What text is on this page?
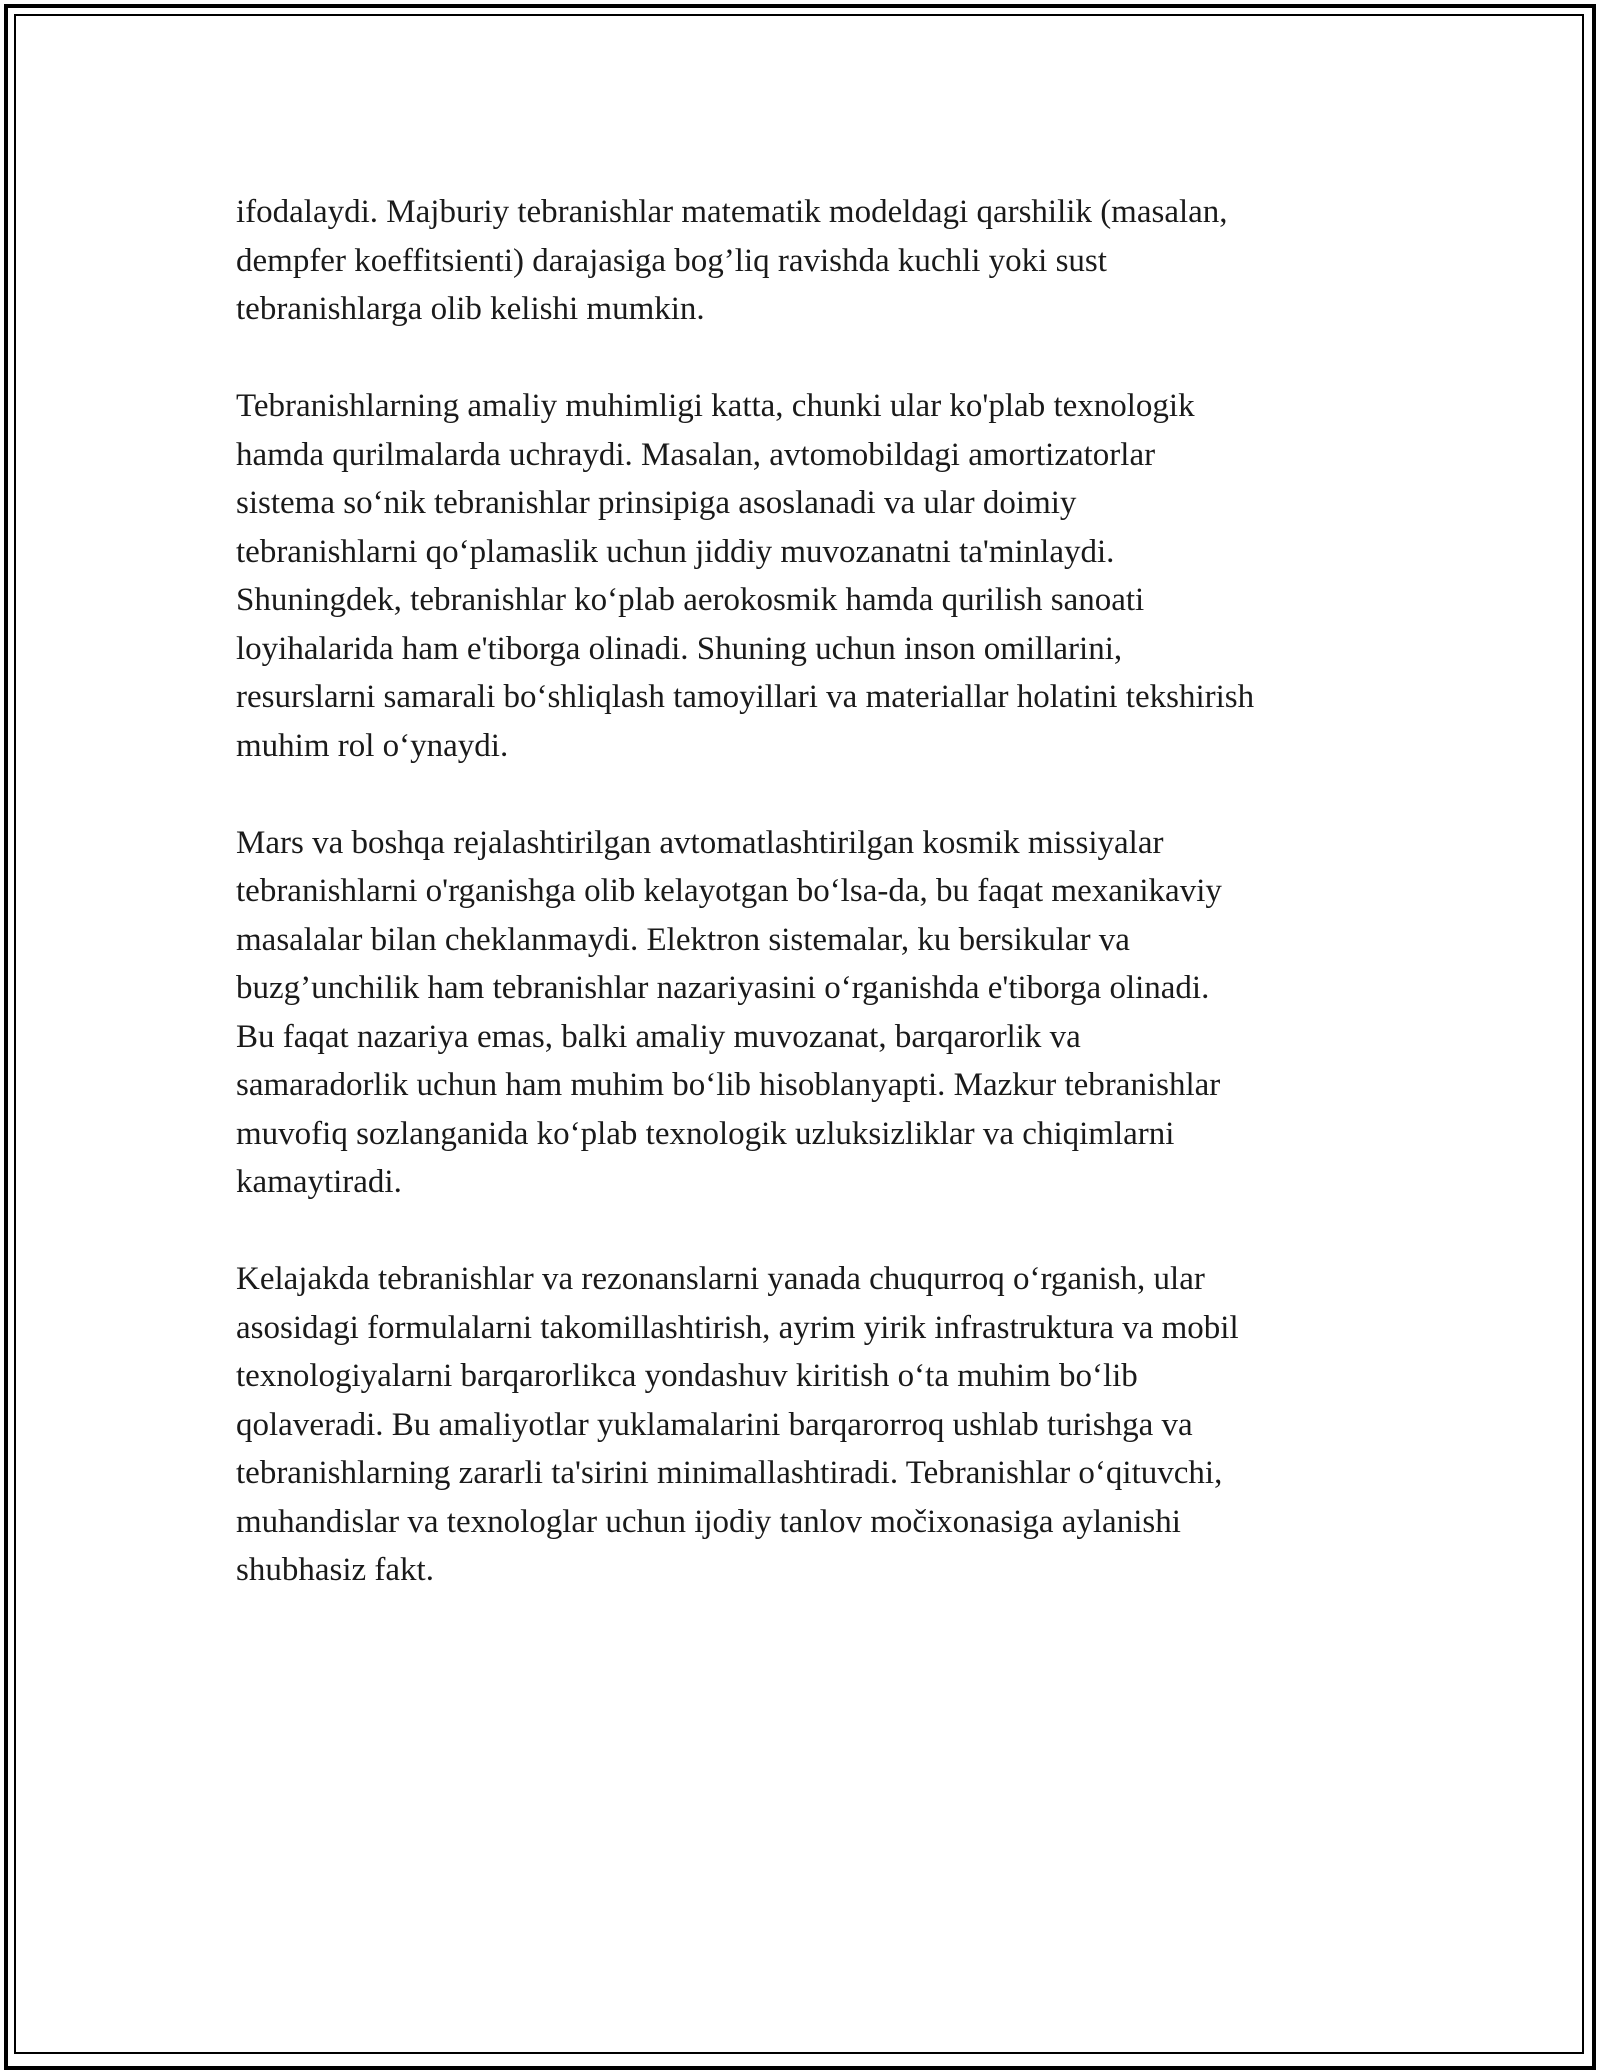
ifodalaydi. Majburiy tebranishlar matematik modeldagi qarshilik (masalan,
dempfer koeffitsienti) darajasiga bog’liq ravishda kuchli yoki sust
tebranishlarga olib kelishi mumkin.

Tebranishlarning amaliy muhimligi katta, chunki ular ko'plab texnologik
hamda qurilmalarda uchraydi. Masalan, avtomobildagi amortizatorlar
sistema so‘nik tebranishlar prinsipiga asoslanadi va ular doimiy
tebranishlarni qo‘plamaslik uchun jiddiy muvozanatni ta'minlaydi.
Shuningdek, tebranishlar ko‘plab aerokosmik hamda qurilish sanoati
loyihalarida ham e'tiborga olinadi. Shuning uchun inson omillarini,
resurslarni samarali bo‘shliqlash tamoyillari va materiallar holatini tekshirish
muhim rol o‘ynaydi.

Mars va boshqa rejalashtirilgan avtomatlashtirilgan kosmik missiyalar
tebranishlarni o'rganishga olib kelayotgan bo‘lsa-da, bu faqat mexanikaviy
masalalar bilan cheklanmaydi. Elektron sistemalar, ku bersikular va
buzg’unchilik ham tebranishlar nazariyasini o‘rganishda e'tiborga olinadi.
Bu faqat nazariya emas, balki amaliy muvozanat, barqarorlik va
samaradorlik uchun ham muhim bo‘lib hisoblanyapti. Mazkur tebranishlar
muvofiq sozlanganida ko‘plab texnologik uzluksizliklar va chiqimlarni
kamaytiradi.

Kelajakda tebranishlar va rezonanslarni yanada chuqurroq o‘rganish, ular
asosidagi formulalarni takomillashtirish, ayrim yirik infrastruktura va mobil
texnologiyalarni barqarorlikca yondashuv kiritish o‘ta muhim bo‘lib
qolaveradi. Bu amaliyotlar yuklamalarini barqarorroq ushlab turishga va
tebranishlarning zararli ta'sirini minimallashtiradi. Tebranishlar o‘qituvchi,
muhandislar va texnologlar uchun ijodiy tanlov močixonasiga aylanishi
shubhasiz fakt.
